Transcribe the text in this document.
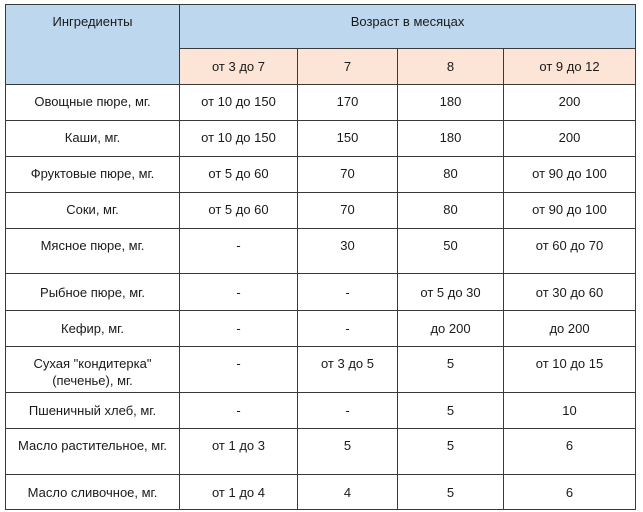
Ингредиенты	Возраст в месяцах			
	от 3 до 7	7	8	от 9 до 12
Овощные пюре, мг.	от 10 до 150	170	180	200
Каши, мг.	от 10 до 150	150	180	200
Фруктовые пюре, мг.	от 5 до 60	70	80	от 90 до 100
Соки, мг.	от 5 до 60	70	80	от 90 до 100
Мясное пюре, мг.	-	30	50	от 60 до 70
Рыбное пюре, мг.	-	-	от 5 до 30	от 30 до 60
Кефир, мг.	-	-	до 200	до 200
Сухая "кондитерка" (печенье), мг.	-	от 3 до 5	5	от 10 до 15
Пшеничный хлеб, мг.	-	-	5	10
Масло растительное, мг.	от 1 до 3	5	5	6
Масло сливочное, мг.	от 1 до 4	4	5	6
